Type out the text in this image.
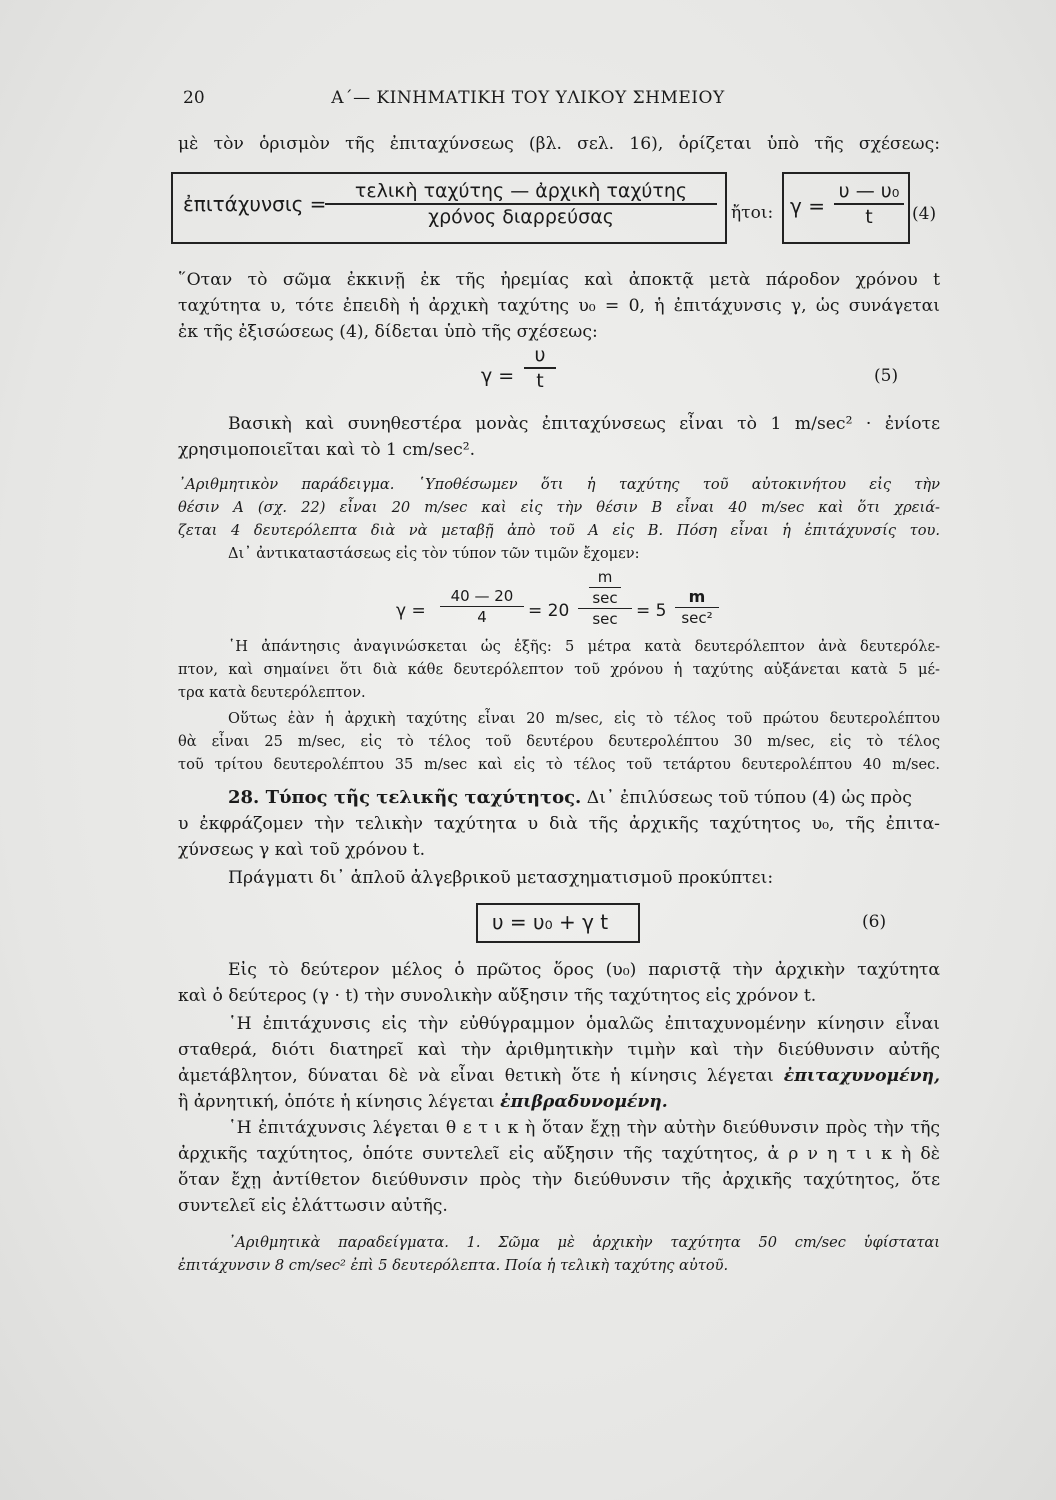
20	Α΄— ΚΙΝΗΜΑΤΙΚΗ ΤΟΥ ΥΛΙΚΟΥ ΣΗΜΕΙΟΥ
μὲ τὸν ὁρισμὸν τῆς ἐπιταχύνσεως (βλ. σελ. 16), ὁρίζεται ὑπὸ τῆς σχέσεως:
ἐπιτάχυνσις =
τελικὴ ταχύτης — ἀρχικὴ ταχύτης
χρόνος διαρρεύσας	ἤτοι: γ =
υ — υ₀
t	(4)
῞Οταν τὸ σῶμα ἐκκινῇ ἐκ τῆς ἠρεμίας καὶ ἀποκτᾷ μετὰ πάροδον χρόνου t
ταχύτητα υ, τότε ἐπειδὴ ἡ ἀρχικὴ ταχύτης υ₀ = 0, ἡ ἐπιτάχυνσις γ, ὡς συνάγεται
ἐκ τῆς ἐξισώσεως (4), δίδεται ὑπὸ τῆς σχέσεως:
γ =
υ
t	(5)
Βασικὴ καὶ συνηθεστέρα μονὰς ἐπιταχύνσεως εἶναι τὸ 1 m/sec² · ἐνίοτε
χρησιμοποιεῖται καὶ τὸ 1 cm/sec².
᾿Αριθμητικὸν παράδειγμα. ῾Υποθέσωμεν ὅτι ἡ ταχύτης τοῦ αὐτοκινήτου εἰς τὴν
θέσιν Α (σχ. 22) εἶναι 20 m/sec καὶ εἰς τὴν θέσιν Β εἶναι 40 m/sec καὶ ὅτι χρειά-
ζεται 4 δευτερόλεπτα διὰ νὰ μεταβῇ ἀπὸ τοῦ Α εἰς Β. Πόση εἶναι ἡ ἐπιτάχυνσίς του.
Δι᾿ ἀντικαταστάσεως εἰς τὸν τύπον τῶν τιμῶν ἔχομεν:
γ =
40 — 20
4	= 20
m
sec
sec	= 5
m
sec²
῾Η ἀπάντησις ἀναγινώσκεται ὡς ἑξῆς: 5 μέτρα κατὰ δευτερόλεπτον ἀνὰ δευτερόλε-
πτον, καὶ σημαίνει ὅτι διὰ κάθε δευτερόλεπτον τοῦ χρόνου ἡ ταχύτης αὐξάνεται κατὰ 5 μέ-
τρα κατὰ δευτερόλεπτον.
Οὕτως ἐὰν ἡ ἀρχικὴ ταχύτης εἶναι 20 m/sec, εἰς τὸ τέλος τοῦ πρώτου δευτερολέπτου
θὰ εἶναι 25 m/sec, εἰς τὸ τέλος τοῦ δευτέρου δευτερολέπτου 30 m/sec, εἰς τὸ τέλος
τοῦ τρίτου δευτερολέπτου 35 m/sec καὶ εἰς τὸ τέλος τοῦ τετάρτου δευτερολέπτου 40 m/sec.
28. Τύπος τῆς τελικῆς ταχύτητος. Δι᾿ ἐπιλύσεως τοῦ τύπου (4) ὡς πρὸς
υ ἐκφράζομεν τὴν τελικὴν ταχύτητα υ διὰ τῆς ἀρχικῆς ταχύτητος υ₀, τῆς ἐπιτα-
χύνσεως γ καὶ τοῦ χρόνου t.
Πράγματι δι᾿ ἁπλοῦ ἀλγεβρικοῦ μετασχηματισμοῦ προκύπτει:
υ = υ₀ + γ t	(6)
Εἰς τὸ δεύτερον μέλος ὁ πρῶτος ὅρος (υ₀) παριστᾷ τὴν ἀρχικὴν ταχύτητα
καὶ ὁ δεύτερος (γ · t) τὴν συνολικὴν αὔξησιν τῆς ταχύτητος εἰς χρόνον t.
῾Η ἐπιτάχυνσις εἰς τὴν εὐθύγραμμον ὁμαλῶς ἐπιταχυνομένην κίνησιν εἶναι
σταθερά, διότι διατηρεῖ καὶ τὴν ἀριθμητικὴν τιμὴν καὶ τὴν διεύθυνσιν αὐτῆς
ἀμετάβλητον, δύναται δὲ νὰ εἶναι θετικὴ ὅτε ἡ κίνησις λέγεται ἐπιταχυνομένη,
ἢ ἀρνητική, ὁπότε ἡ κίνησις λέγεται ἐπιβραδυνομένη.
῾Η ἐπιτάχυνσις λέγεται θ ε τ ι κ ὴ ὅταν ἔχῃ τὴν αὐτὴν διεύθυνσιν πρὸς τὴν τῆς
ἀρχικῆς ταχύτητος, ὁπότε συντελεῖ εἰς αὔξησιν τῆς ταχύτητος, ἀ ρ ν η τ ι κ ὴ δὲ
ὅταν ἔχῃ ἀντίθετον διεύθυνσιν πρὸς τὴν διεύθυνσιν τῆς ἀρχικῆς ταχύτητος, ὅτε
συντελεῖ εἰς ἐλάττωσιν αὐτῆς.
᾿Αριθμητικὰ παραδείγματα. 1. Σῶμα μὲ ἀρχικὴν ταχύτητα 50 cm/sec ὑφίσταται
ἐπιτάχυνσιν 8 cm/sec² ἐπὶ 5 δευτερόλεπτα. Ποία ἡ τελικὴ ταχύτης αὐτοῦ.
